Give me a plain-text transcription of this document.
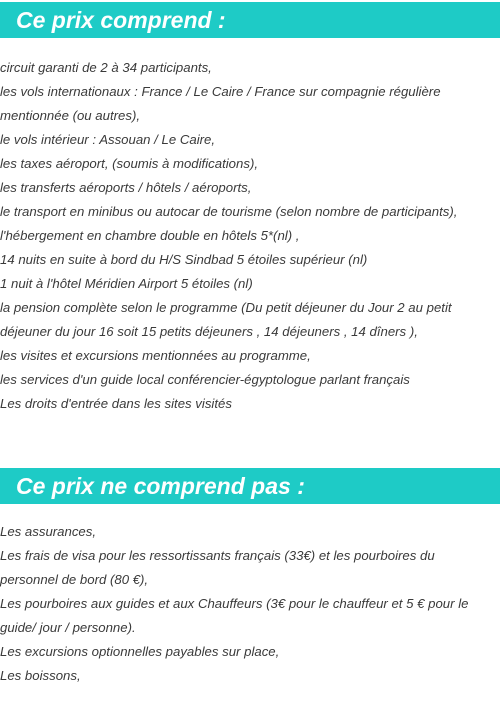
Ce prix comprend :
circuit garanti de 2 à 34 participants,
les vols internationaux : France / Le Caire / France sur compagnie régulière mentionnée (ou autres),
le vols intérieur : Assouan / Le Caire,
les taxes aéroport, (soumis à modifications),
les transferts aéroports / hôtels / aéroports,
le transport en minibus ou autocar de tourisme (selon nombre de participants),
l'hébergement en chambre double en hôtels 5*(nl) ,
14 nuits en suite à bord du H/S Sindbad 5 étoiles supérieur (nl)
1 nuit à l'hôtel Méridien Airport 5 étoiles (nl)
la pension complète selon le programme (Du petit déjeuner du Jour 2 au petit déjeuner du jour 16 soit 15 petits déjeuners , 14 déjeuners , 14 dîners ),
les visites et excursions mentionnées au programme,
les services d'un guide local conférencier-égyptologue parlant français
Les droits d'entrée dans les sites visités
Ce prix ne comprend pas :
Les assurances,
Les frais de visa pour les ressortissants français (33€) et les pourboires du personnel de bord (80 €),
Les pourboires aux guides et aux Chauffeurs (3€ pour le chauffeur et 5 € pour le guide/ jour / personne).
Les excursions optionnelles payables sur place,
Les boissons,
